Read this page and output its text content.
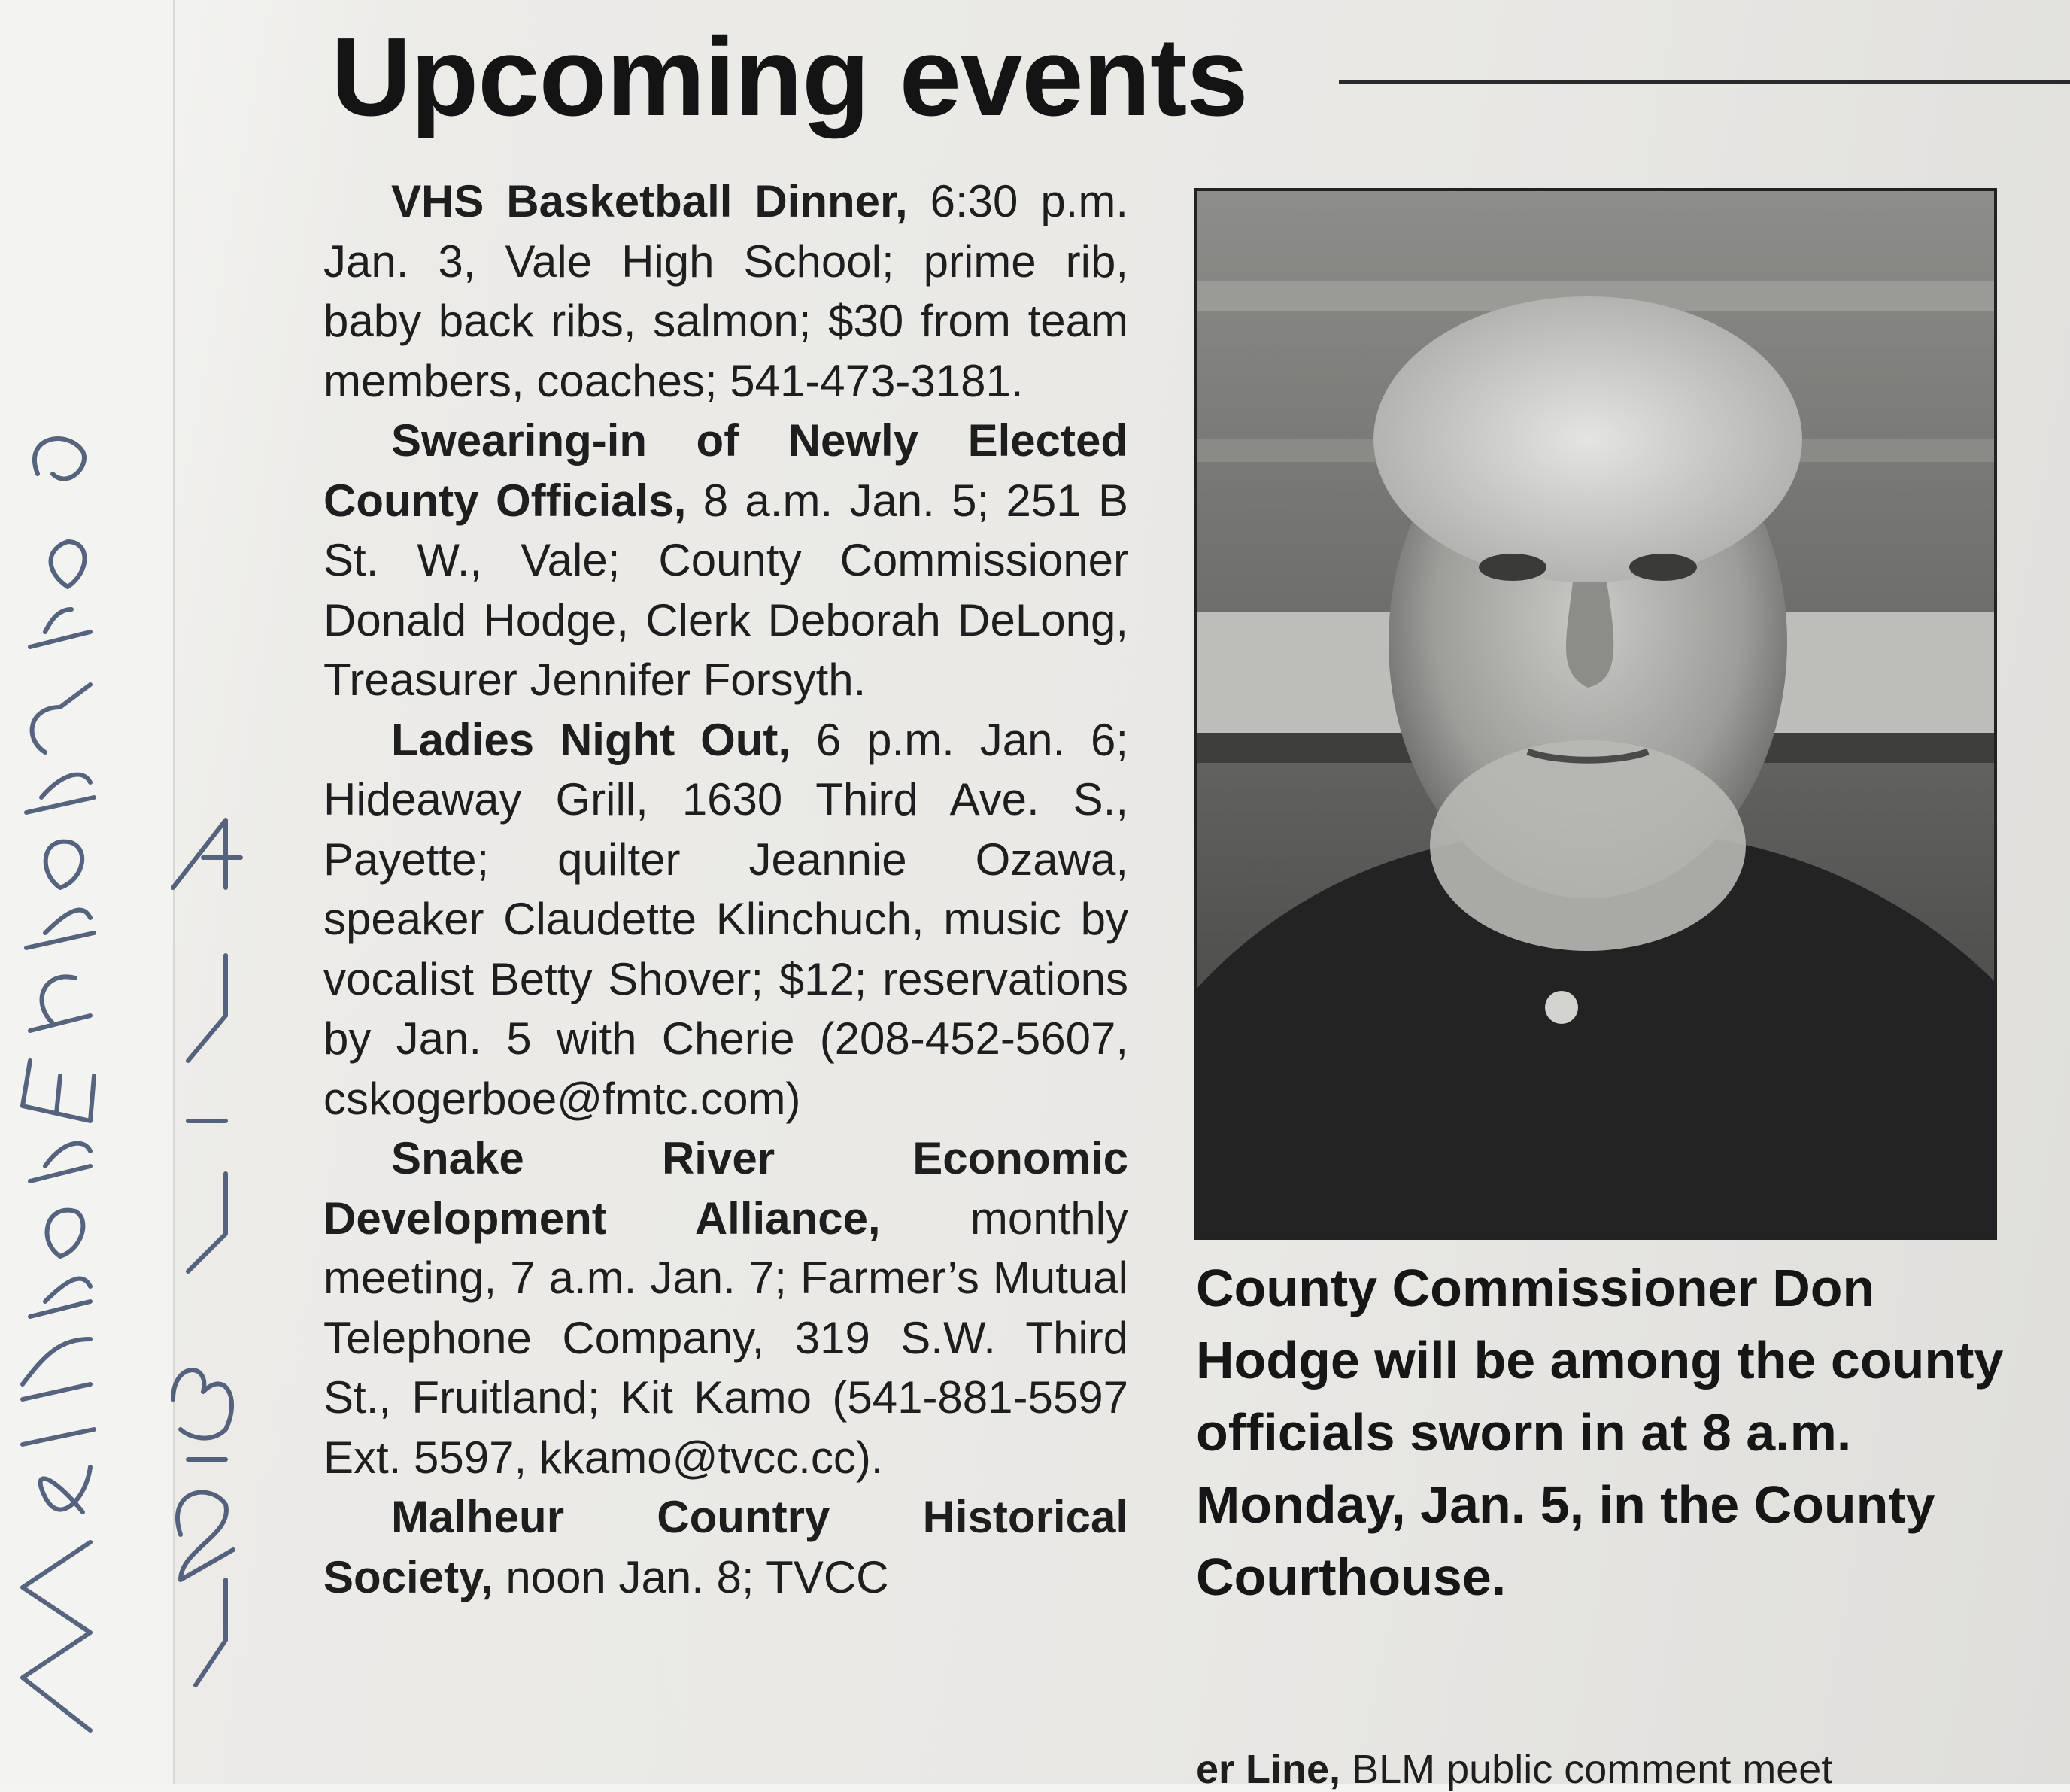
Upcoming events

VHS Basketball Dinner, 6:30 p.m. Jan. 3, Vale High School; prime rib, baby back ribs, salmon; $30 from team members, coaches; 541-473-3181.

Swearing-in of Newly Elected County Officials, 8 a.m. Jan. 5; 251 B St. W., Vale; County Commissioner Donald Hodge, Clerk Deborah DeLong, Treasurer Jennifer Forsyth.

Ladies Night Out, 6 p.m. Jan. 6; Hideaway Grill, 1630 Third Ave. S., Payette; quilter Jeannie Ozawa, speaker Claudette Klinchuch, music by vocalist Betty Shover; $12; reservations by Jan. 5 with Cherie (208-452-5607, cskogerboe@fmtc.com)

Snake River Economic Development Alliance, monthly meeting, 7 a.m. Jan. 7; Farmer’s Mutual Telephone Company, 319 S.W. Third St., Fruitland; Kit Kamo (541-881-5597 Ext. 5597, kkamo@tvcc.cc).

Malheur Country Historical Society, noon Jan. 8; TVCC

County Commissioner Don Hodge will be among the county officials sworn in at 8 a.m. Monday, Jan. 5, in the County Courthouse.

er Line, BLM public comment meet
